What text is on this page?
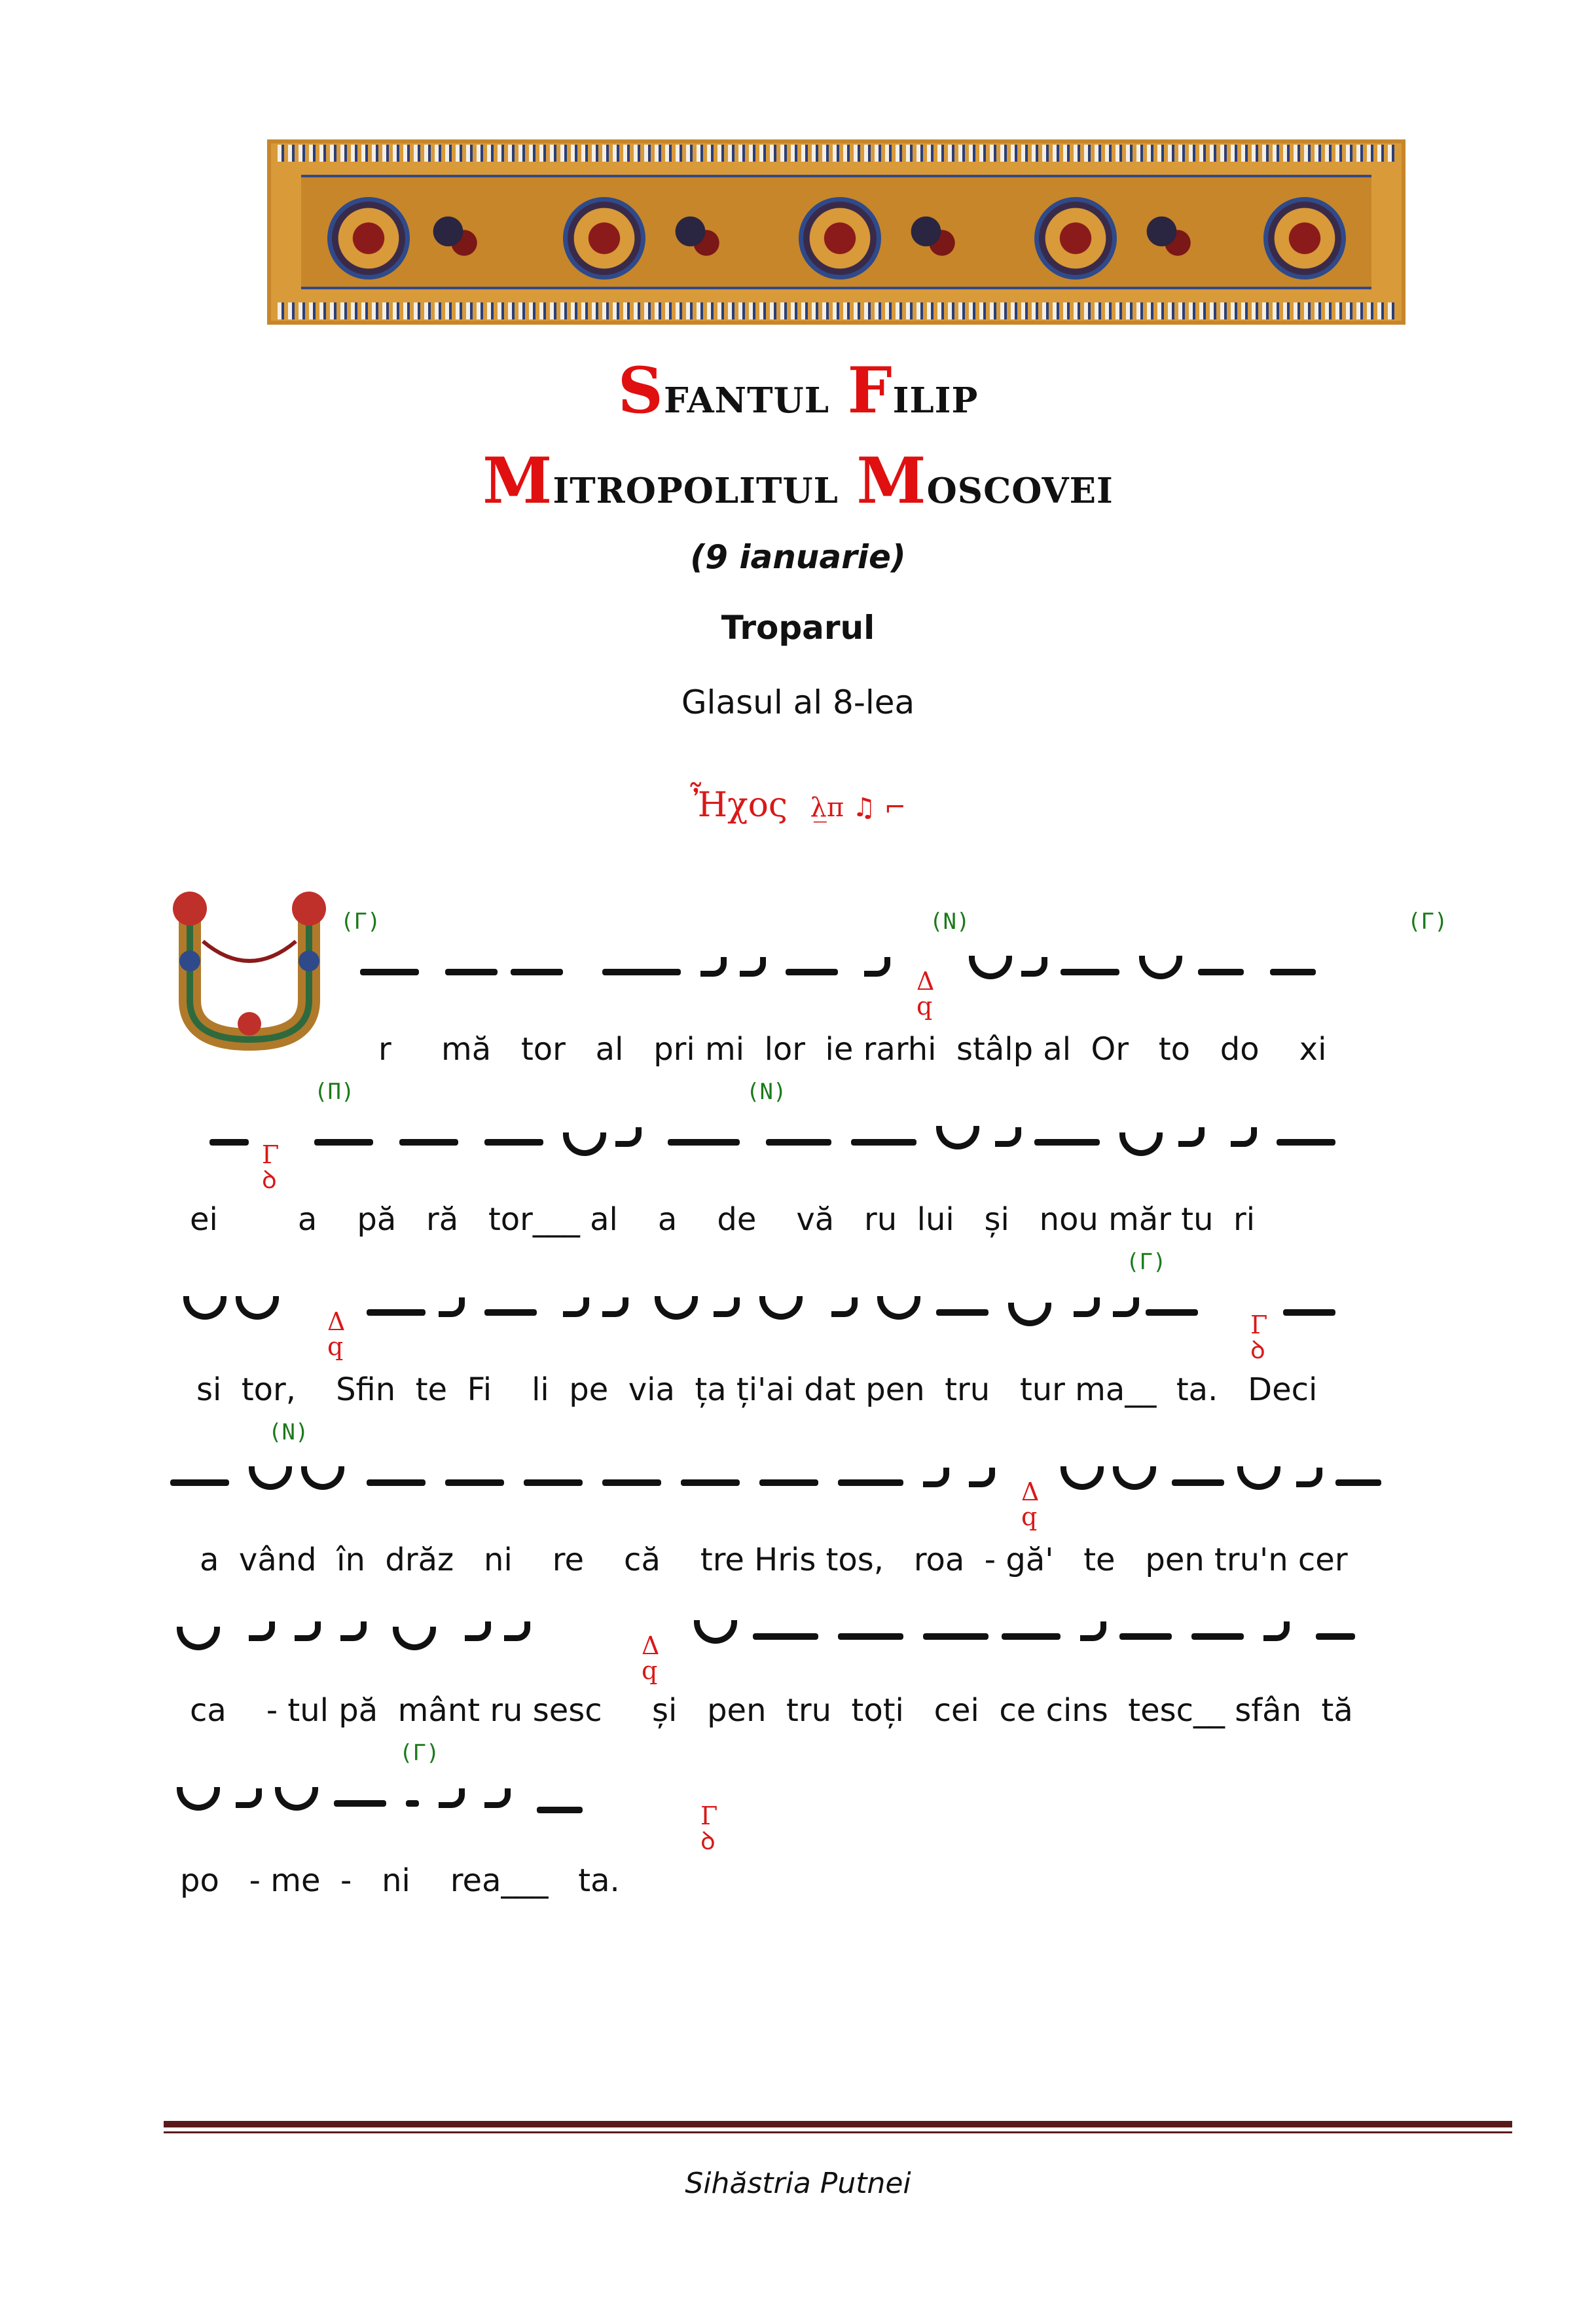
Sfantul Filip
Mitropolitul Moscovei
(9 ianuarie)
Troparul
Glasul al 8-lea
Ἦχος λ̲π ♫ ⌐
Δ
q
(Γ)	(Ν)	(Γ)
r     mă   tor   al   pri mi  lor  ie rarhi  stâlp al  Or   to   do    xi
Γ
ꝺ
(Π)	(Ν)
ei        a    pă   ră   tor___ al    a    de    vă   ru  lui   și   nou măr tu  ri
Δ
q
Γ
ꝺ
(Γ)
si  tor,    Sfin  te  Fi    li  pe  via  ța ți'ai dat pen  tru   tur ma__  ta.   Deci
Δ
q
(Ν)
a  vând  în  drăz   ni    re    că    tre Hris tos,   roa  - gă'   te   pen tru'n cer
Δ
q
ca    - tul pă  mânt ru sesc     și   pen  tru  toți   cei  ce cins  tesc__ sfân  tă
Γ
ꝺ
(Γ)
po   - me  -   ni    rea___   ta.
Sihăstria Putnei
